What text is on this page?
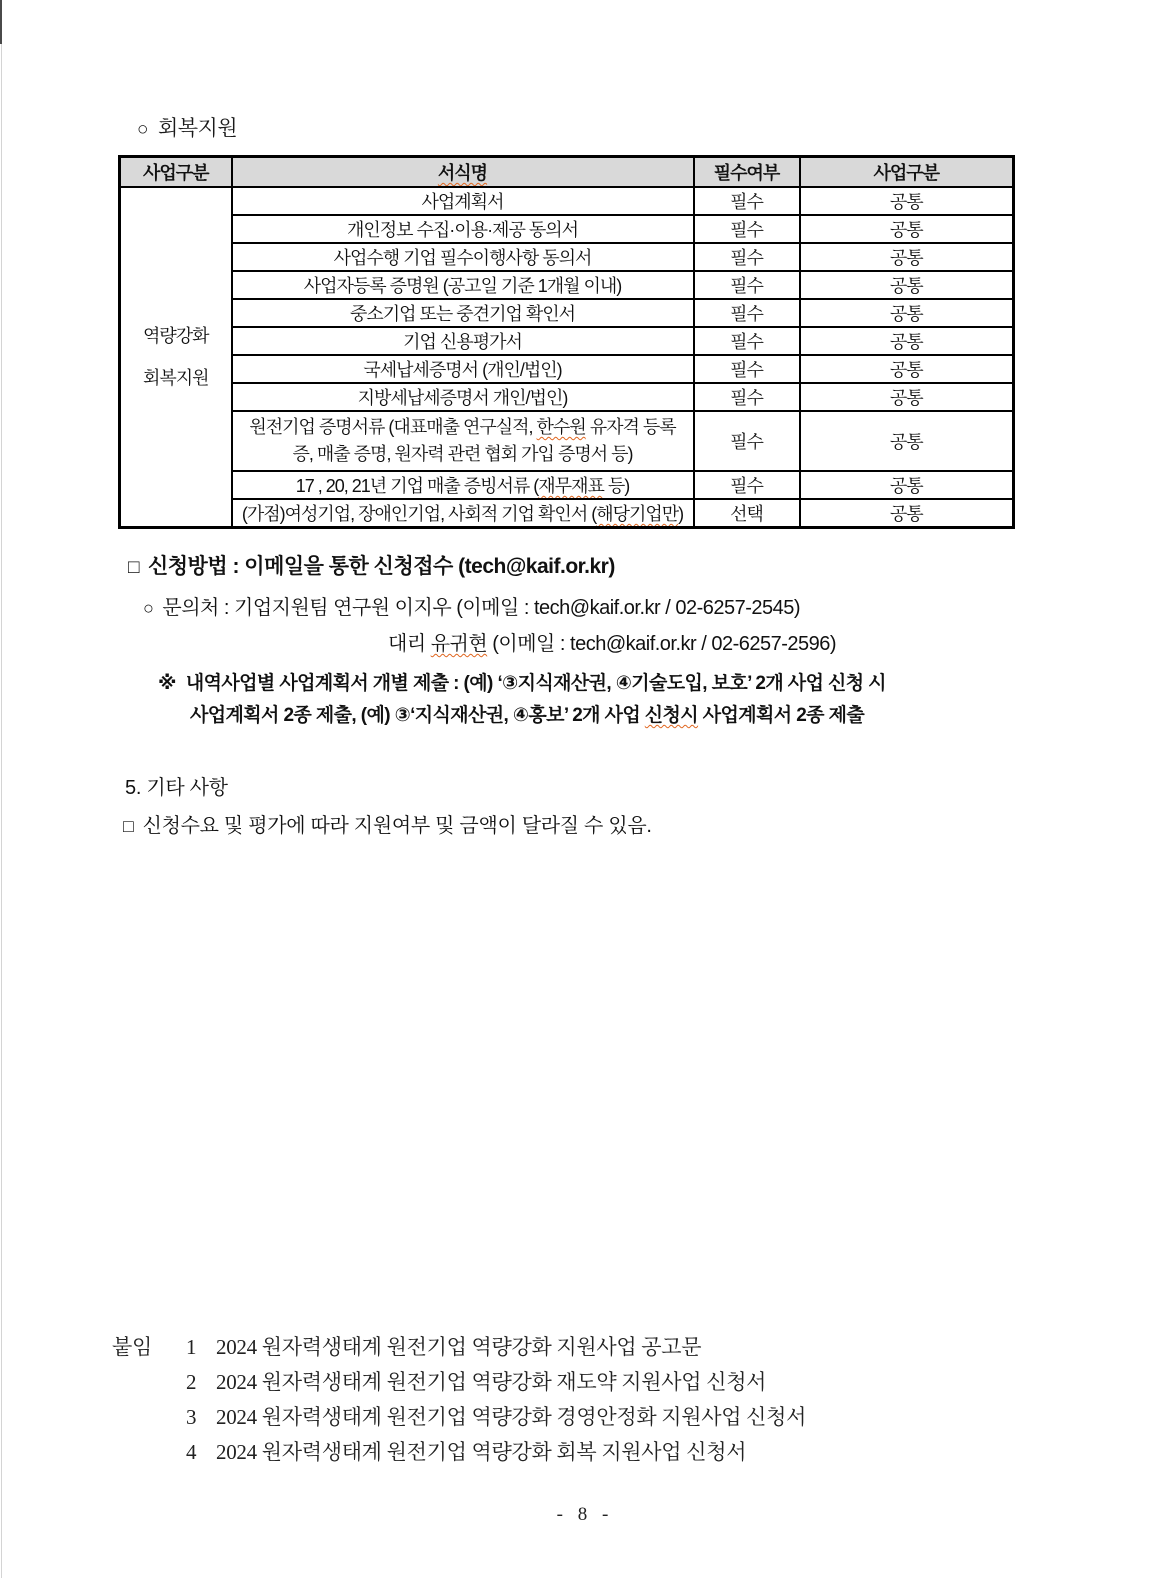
○ 회복지원
사업구분	서식명	필수여부	사업구분

역량강화
회복지원	사업계획서	필수	공통
	개인정보 수집·이용·제공 동의서	필수	공통
	사업수행 기업 필수이행사항 동의서	필수	공통
	사업자등록 증명원 (공고일 기준 1개월 이내)	필수	공통
	중소기업 또는 중견기업 확인서	필수	공통
	기업 신용평가서	필수	공통
	국세납세증명서 (개인/법인)	필수	공통
	지방세납세증명서 개인/법인)	필수	공통
	원전기업 증명서류 (대표매출 연구실적, 한수원 유자격 등록증, 매출 증명, 원자력 관련 협회 가입 증명서 등)	필수	공통
	17 , 20, 21년 기업 매출 증빙서류 (재무재표 등)	필수	공통
	(가점)여성기업, 장애인기업, 사회적 기업 확인서 (해당기업만)	선택	공통
□ 신청방법 : 이메일을 통한 신청접수 (tech@kaif.or.kr)
○ 문의처 : 기업지원팀 연구원 이지우 (이메일 : tech@kaif.or.kr / 02-6257-2545)
대리 유귀현 (이메일 : tech@kaif.or.kr / 02-6257-2596)
※ 내역사업별 사업계획서 개별 제출 : (예) ‘③지식재산권, ④기술도입, 보호’ 2개 사업 신청 시
사업계획서 2종 제출, (예) ③‘지식재산권, ④홍보’ 2개 사업 신청시 사업계획서 2종 제출
5. 기타 사항
□ 신청수요 및 평가에 따라 지원여부 및 금액이 달라질 수 있음.
붙임 1 2024 원자력생태계 원전기업 역량강화 지원사업 공고문
2 2024 원자력생태계 원전기업 역량강화 재도약 지원사업 신청서
3 2024 원자력생태계 원전기업 역량강화 경영안정화 지원사업 신청서
4 2024 원자력생태계 원전기업 역량강화 회복 지원사업 신청서
- 8 -
